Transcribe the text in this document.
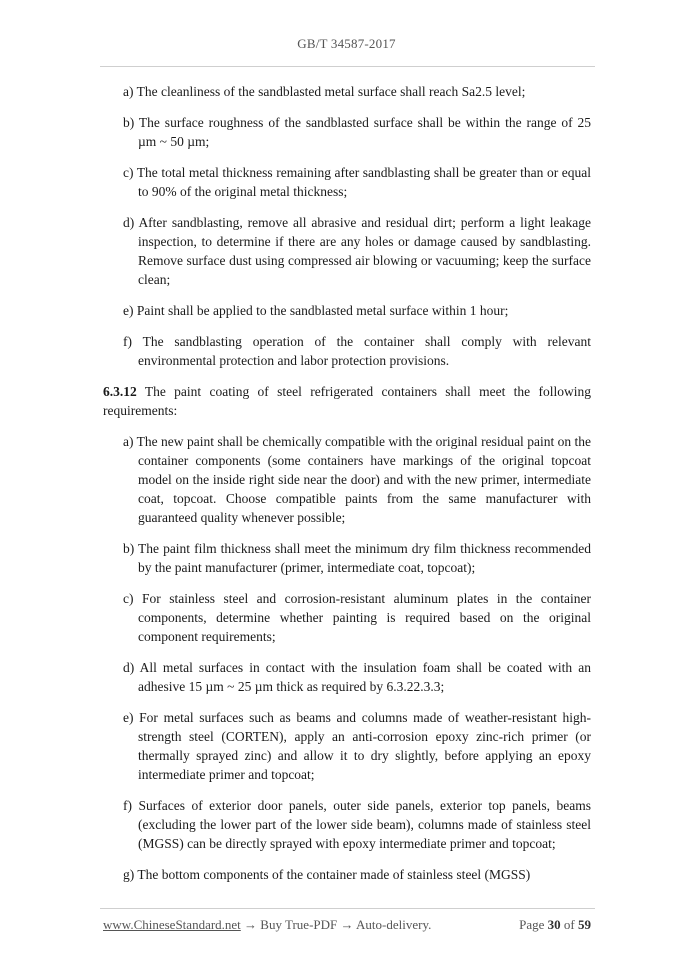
GB/T 34587-2017
a) The cleanliness of the sandblasted metal surface shall reach Sa2.5 level;
b) The surface roughness of the sandblasted surface shall be within the range of 25 µm ~ 50 µm;
c) The total metal thickness remaining after sandblasting shall be greater than or equal to 90% of the original metal thickness;
d) After sandblasting, remove all abrasive and residual dirt; perform a light leakage inspection, to determine if there are any holes or damage caused by sandblasting. Remove surface dust using compressed air blowing or vacuuming; keep the surface clean;
e) Paint shall be applied to the sandblasted metal surface within 1 hour;
f) The sandblasting operation of the container shall comply with relevant environmental protection and labor protection provisions.
6.3.12 The paint coating of steel refrigerated containers shall meet the following requirements:
a) The new paint shall be chemically compatible with the original residual paint on the container components (some containers have markings of the original topcoat model on the inside right side near the door) and with the new primer, intermediate coat, topcoat. Choose compatible paints from the same manufacturer with guaranteed quality whenever possible;
b) The paint film thickness shall meet the minimum dry film thickness recommended by the paint manufacturer (primer, intermediate coat, topcoat);
c) For stainless steel and corrosion-resistant aluminum plates in the container components, determine whether painting is required based on the original component requirements;
d) All metal surfaces in contact with the insulation foam shall be coated with an adhesive 15 µm ~ 25 µm thick as required by 6.3.22.3.3;
e) For metal surfaces such as beams and columns made of weather-resistant high-strength steel (CORTEN), apply an anti-corrosion epoxy zinc-rich primer (or thermally sprayed zinc) and allow it to dry slightly, before applying an epoxy intermediate primer and topcoat;
f) Surfaces of exterior door panels, outer side panels, exterior top panels, beams (excluding the lower part of the lower side beam), columns made of stainless steel (MGSS) can be directly sprayed with epoxy intermediate primer and topcoat;
g) The bottom components of the container made of stainless steel (MGSS)
www.ChineseStandard.net → Buy True-PDF → Auto-delivery.	Page 30 of 59
